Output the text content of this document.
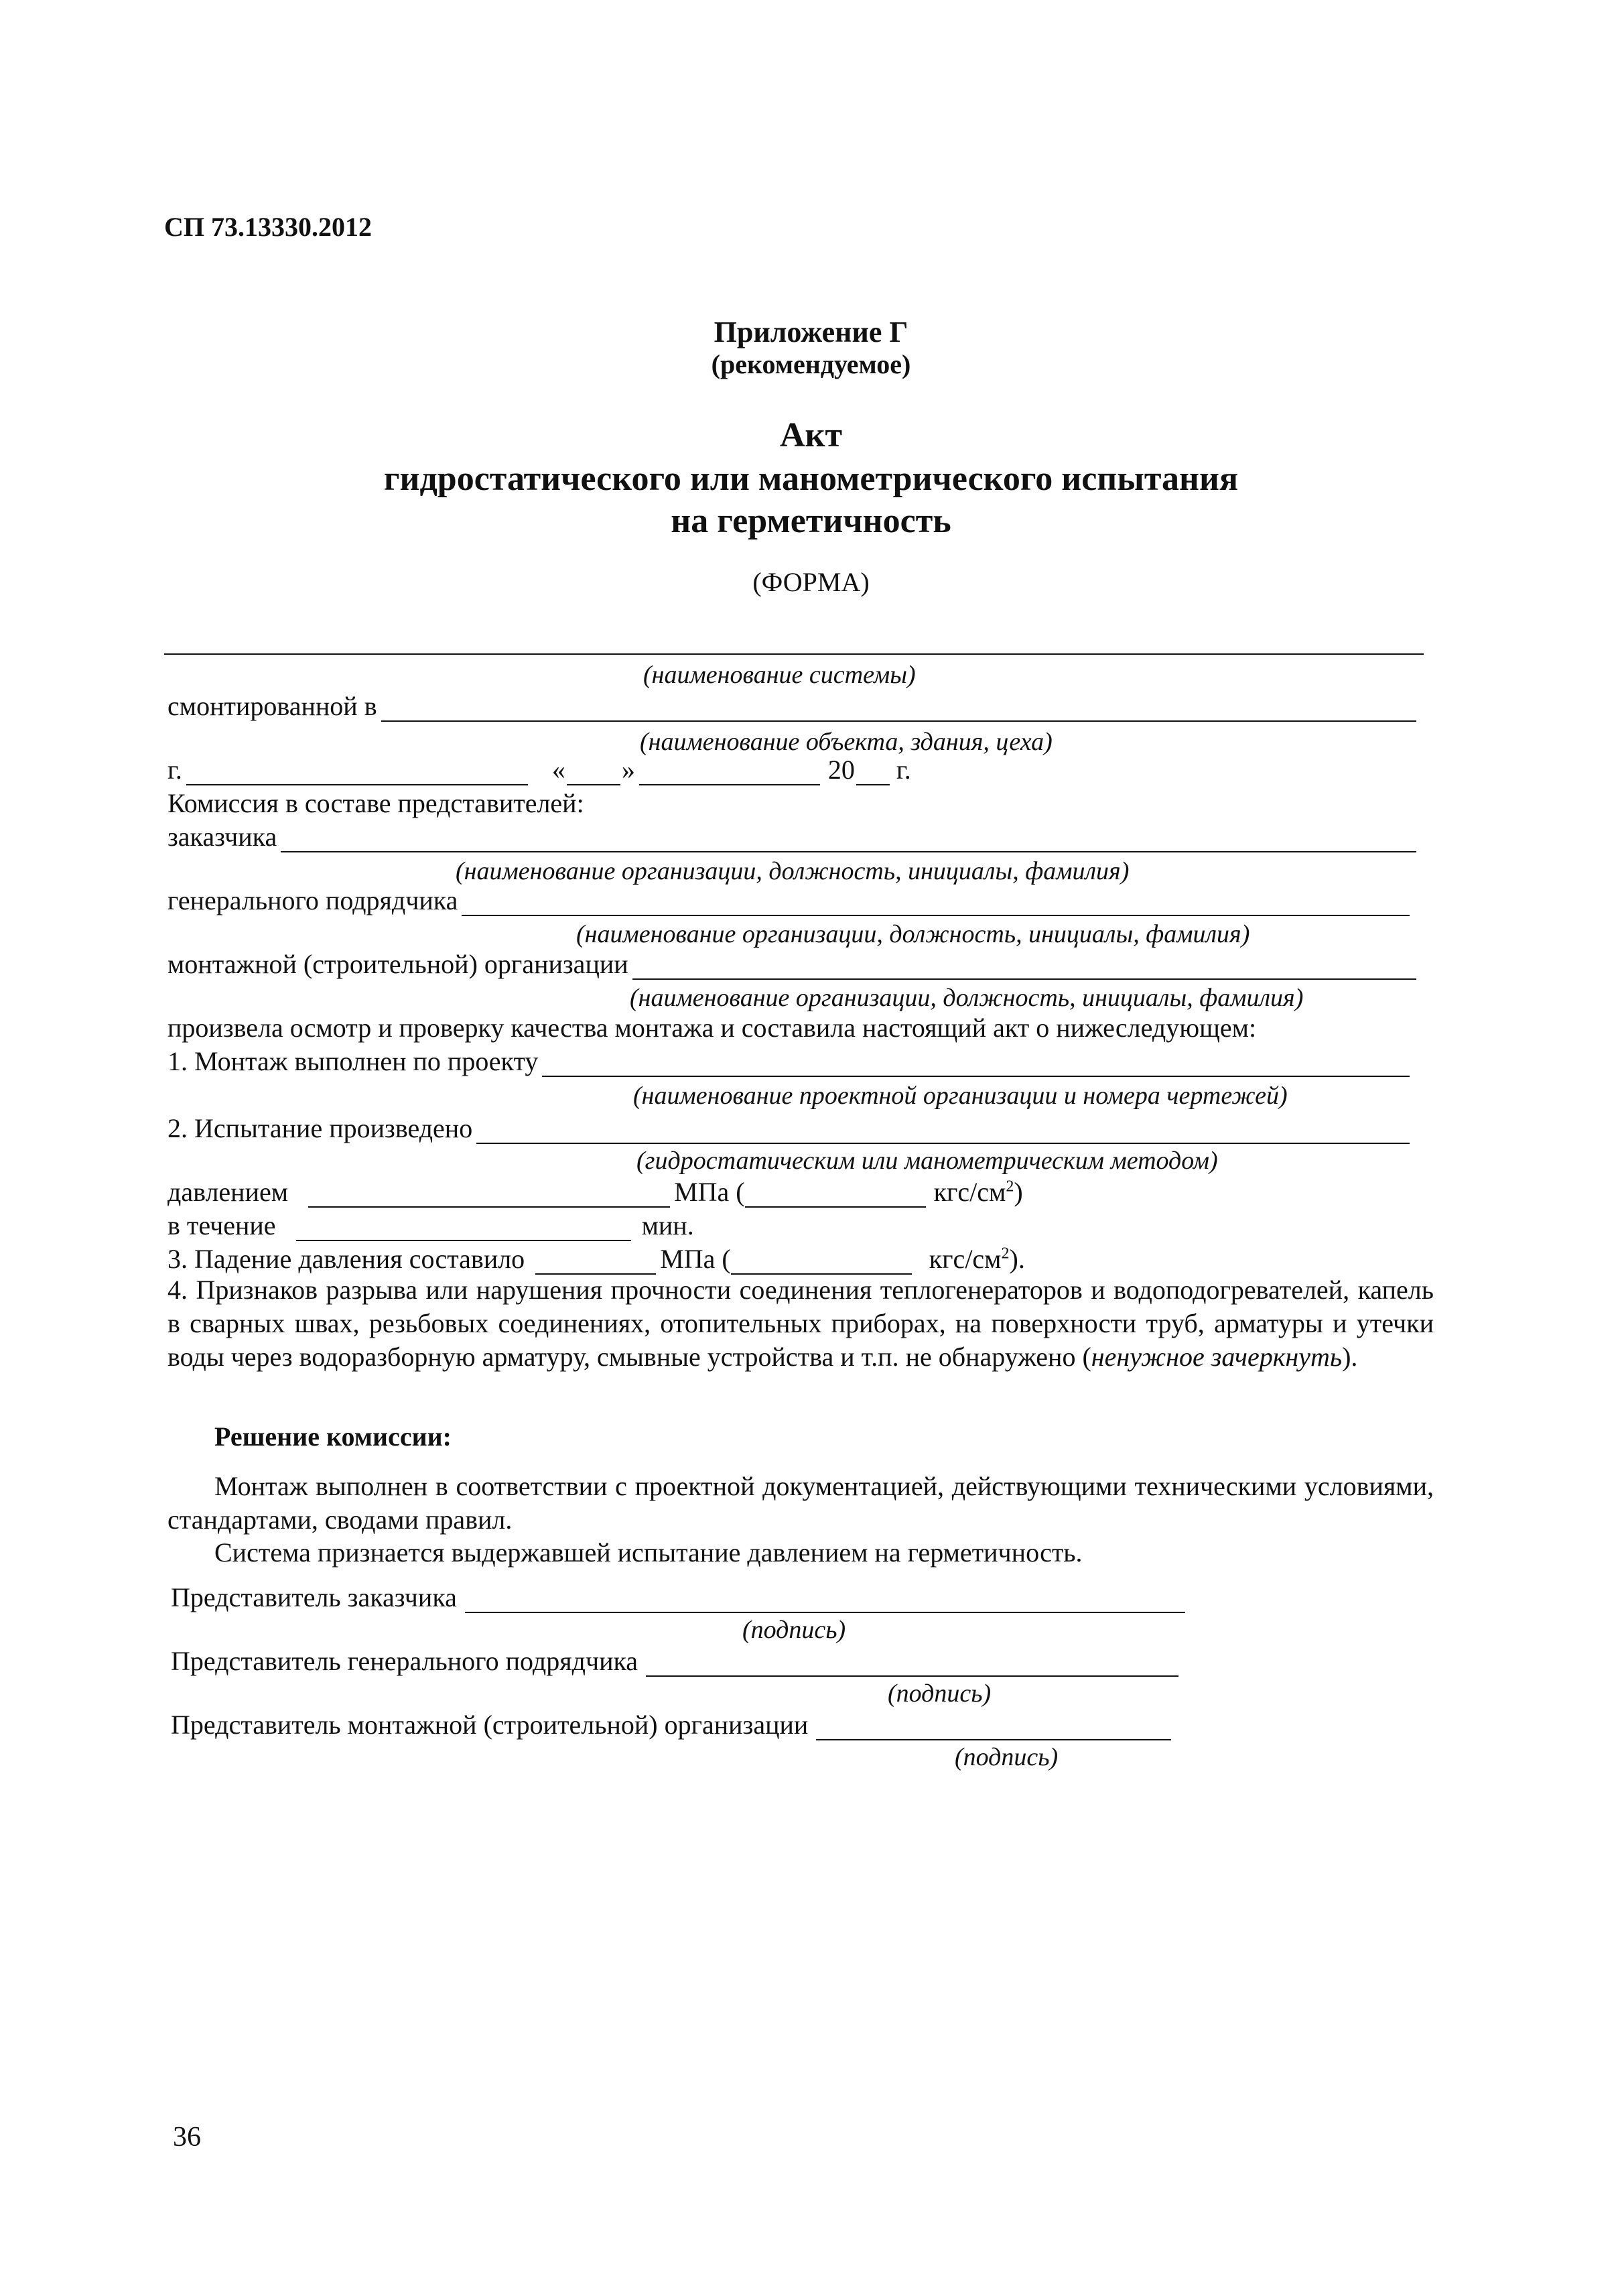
СП 73.13330.2012
Приложение Г
(рекомендуемое)
Акт
гидростатического или манометрического испытания
на герметичность
(ФОРМА)
(наименование системы)
смонтированной в
(наименование объекта, здания, цеха)
г.	« »	20 г.
Комиссия в составе представителей:
заказчика
(наименование организации, должность, инициалы, фамилия)
генерального подрядчика
(наименование организации, должность, инициалы, фамилия)
монтажной (строительной) организации
(наименование организации, должность, инициалы, фамилия)
произвела осмотр и проверку качества монтажа и составила настоящий акт о нижеследующем:
1. Монтаж выполнен по проекту
(наименование проектной организации и номера чертежей)
2. Испытание произведено
(гидростатическим или манометрическим методом)
давлением	МПа (	кгс/$см^2$)
в течение	мин.
3. Падение давления составило	МПа (	кгс/$см^2$).
4. Признаков разрыва или нарушения прочности соединения теплогенераторов и водоподогревателей, капель в сварных швах, резьбовых соединениях, отопительных приборах, на поверхности труб, арматуры и утечки воды через водоразборную арматуру, смывные устройства и т.п. не обнаружено (ненужное зачеркнуть).
Решение комиссии:
Монтаж выполнен в соответствии с проектной документацией, действующими техническими условиями, стандартами, сводами правил.
Система признается выдержавшей испытание давлением на герметичность.
Представитель заказчика
(подпись)
Представитель генерального подрядчика
(подпись)
Представитель монтажной (строительной) организации
(подпись)
36
